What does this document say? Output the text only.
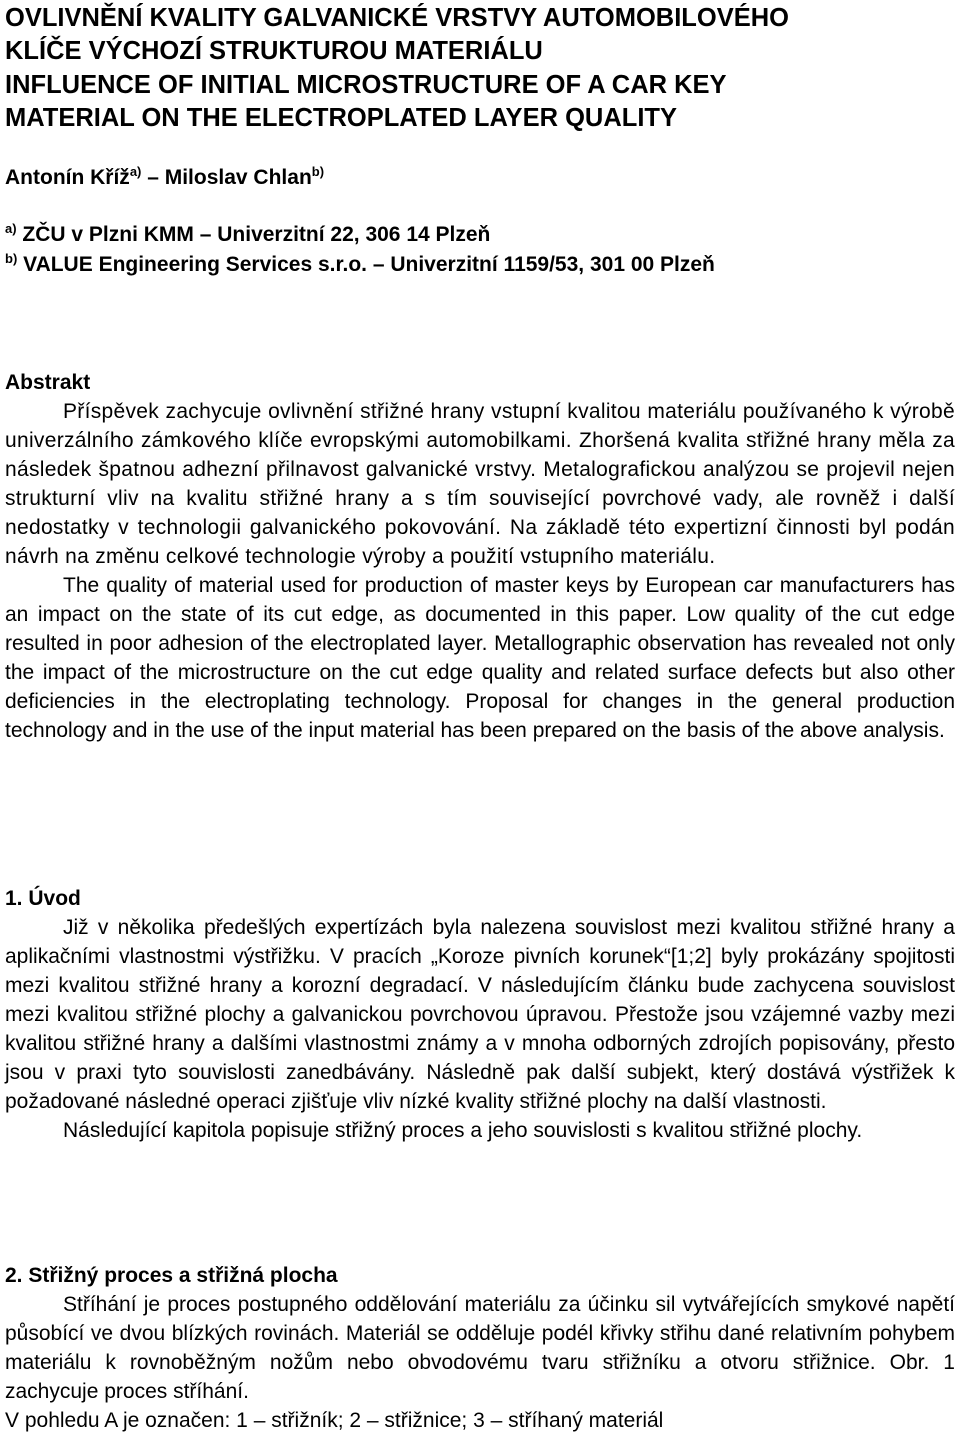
OVLIVNĚNÍ KVALITY GALVANICKÉ VRSTVY AUTOMOBILOVÉHO
KLÍČE VÝCHOZÍ STRUKTUROU MATERIÁLU
INFLUENCE OF INITIAL MICROSTRUCTURE OF A CAR KEY
MATERIAL ON THE ELECTROPLATED LAYER QUALITY
Antonín Kříž$^{a)}$ – Miloslav Chlan$^{b)}$
$^{a)}$ ZČU v Plzni KMM – Univerzitní 22, 306 14 Plzeň
$^{b)}$ VALUE Engineering Services s.r.o. – Univerzitní 1159/53, 301 00 Plzeň
Abstrakt

Příspěvek zachycuje ovlivnění střižné hrany vstupní kvalitou materiálu používaného k výrobě univerzálního zámkového klíče evropskými automobilkami. Zhoršená kvalita střižné hrany měla za následek špatnou adhezní přilnavost galvanické vrstvy. Metalografickou analýzou se projevil nejen strukturní vliv na kvalitu střižné hrany a s tím související povrchové vady, ale rovněž i další nedostatky v technologii galvanického pokovování. Na základě této expertizní činnosti byl podán návrh na změnu celkové technologie výroby a použití vstupního materiálu.

The quality of material used for production of master keys by European car manufacturers has an impact on the state of its cut edge, as documented in this paper. Low quality of the cut edge resulted in poor adhesion of the electroplated layer. Metallographic observation has revealed not only the impact of the microstructure on the cut edge quality and related surface defects but also other deficiencies in the electroplating technology. Proposal for changes in the general production technology and in the use of the input material has been prepared on the basis of the above analysis.

1. Úvod

Již v několika předešlých expertízách byla nalezena souvislost mezi kvalitou střižné hrany a aplikačními vlastnostmi výstřižku. V pracích „Koroze pivních korunek“[1;2] byly prokázány spojitosti mezi kvalitou střižné hrany a korozní degradací. V následujícím článku bude zachycena souvislost mezi kvalitou střižné plochy a galvanickou povrchovou úpravou. Přestože jsou vzájemné vazby mezi kvalitou střižné hrany a dalšími vlastnostmi známy a v mnoha odborných zdrojích popisovány, přesto jsou v praxi tyto souvislosti zanedbávány. Následně pak další subjekt, který dostává výstřižek k požadované následné operaci zjišťuje vliv nízké kvality střižné plochy na další vlastnosti.

Následující kapitola popisuje střižný proces a jeho souvislosti s kvalitou střižné plochy.

2. Střižný proces a střižná plocha

Stříhání je proces postupného oddělování materiálu za účinku sil vytvářejících smykové napětí působící ve dvou blízkých rovinách. Materiál se odděluje podél křivky střihu dané relativním pohybem materiálu k rovnoběžným nožům nebo obvodovému tvaru střižníku a otvoru střižnice. Obr. 1 zachycuje proces stříhání.

V pohledu A je označen: 1 – střižník; 2 – střižnice; 3 – stříhaný materiál
